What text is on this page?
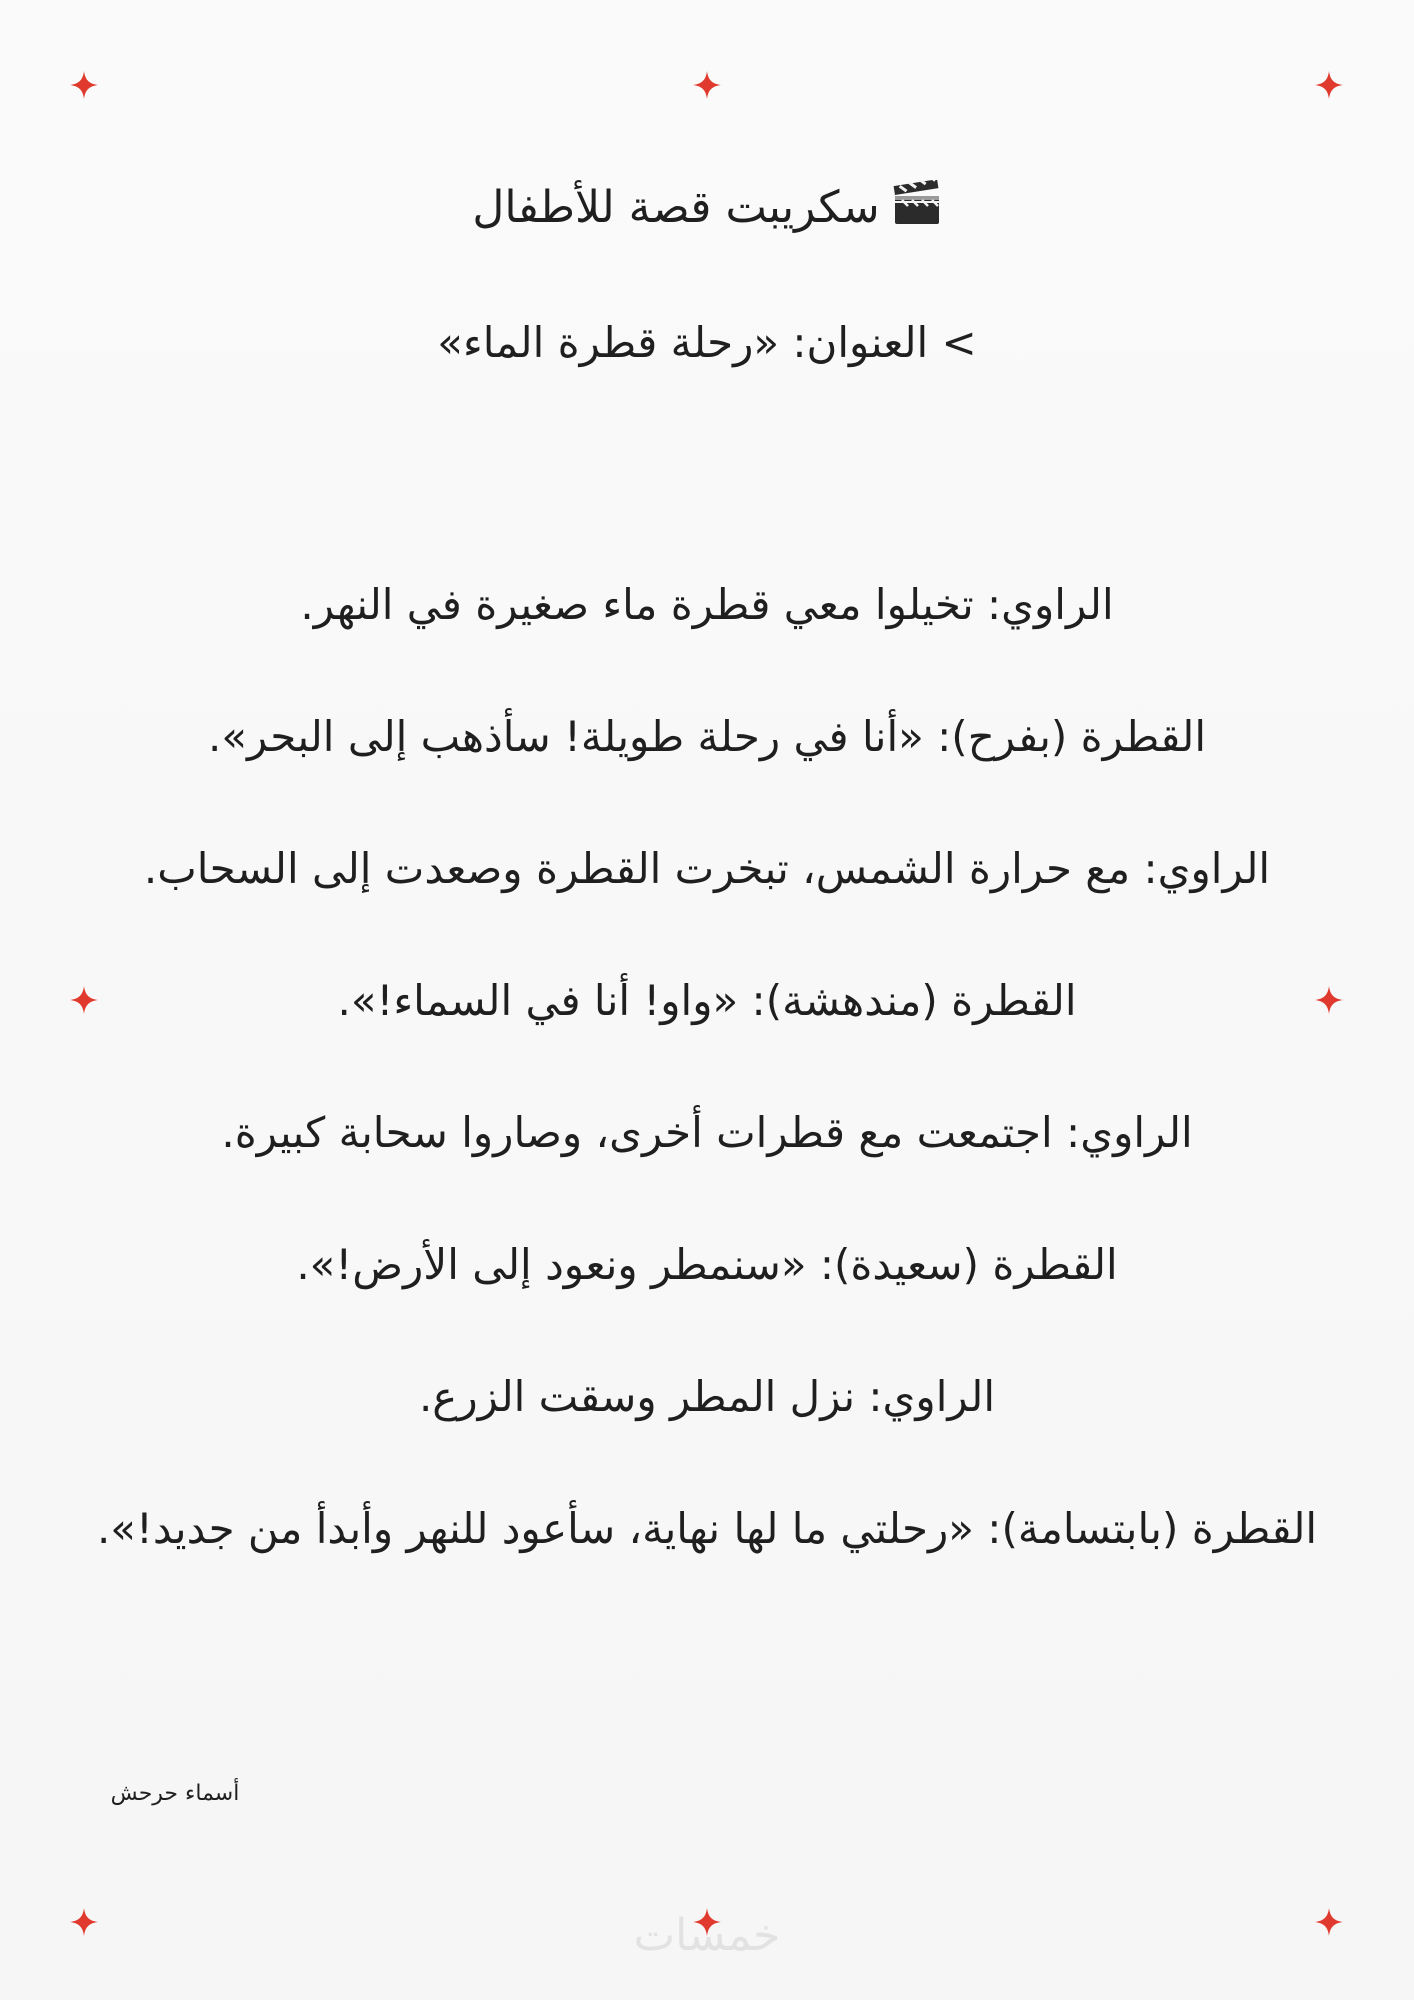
سكريبت قصة للأطفال
> العنوان: «رحلة قطرة الماء»
الراوي: تخيلوا معي قطرة ماء صغيرة في النهر.
القطرة (بفرح): «أنا في رحلة طويلة! سأذهب إلى البحر».
الراوي: مع حرارة الشمس، تبخرت القطرة وصعدت إلى السحاب.
القطرة (مندهشة): «واو! أنا في السماء!».
الراوي: اجتمعت مع قطرات أخرى، وصاروا سحابة كبيرة.
القطرة (سعيدة): «سنمطر ونعود إلى الأرض!».
الراوي: نزل المطر وسقت الزرع.
القطرة (بابتسامة): «رحلتي ما لها نهاية، سأعود للنهر وأبدأ من جديد!».
أسماء حرحش
خمسات
